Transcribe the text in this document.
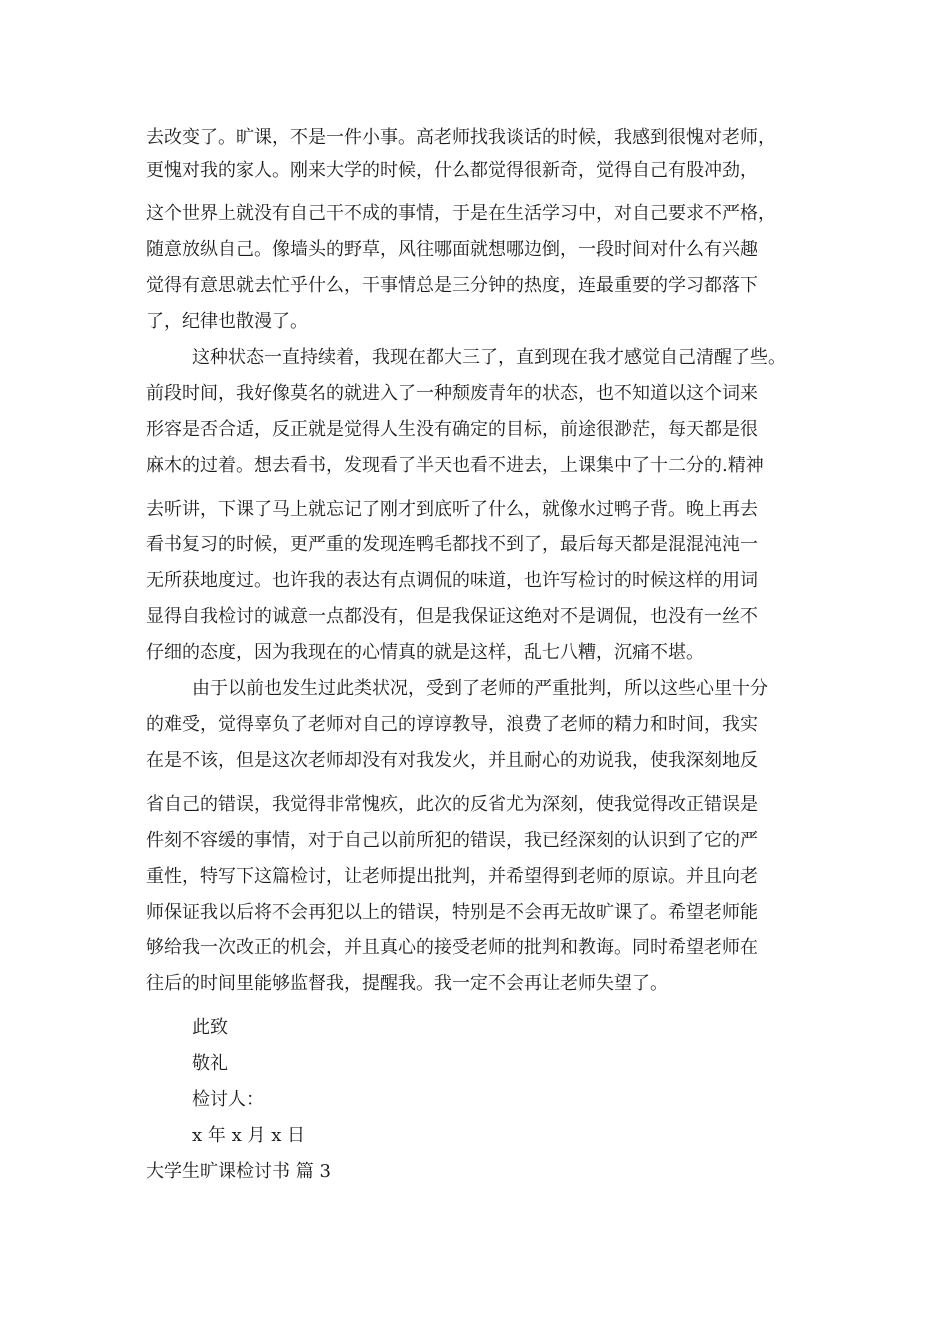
去改变了。旷课，不是一件小事。高老师找我谈话的时候，我感到很愧对老师，
更愧对我的家人。刚来大学的时候，什么都觉得很新奇，觉得自己有股冲劲，
这个世界上就没有自己干不成的事情，于是在生活学习中，对自己要求不严格，
随意放纵自己。像墙头的野草，风往哪面就想哪边倒，一段时间对什么有兴趣
觉得有意思就去忙乎什么，干事情总是三分钟的热度，连最重要的学习都落下
了，纪律也散漫了。
这种状态一直持续着，我现在都大三了，直到现在我才感觉自己清醒了些。
前段时间，我好像莫名的就进入了一种颓废青年的状态，也不知道以这个词来
形容是否合适，反正就是觉得人生没有确定的目标，前途很渺茫，每天都是很
麻木的过着。想去看书，发现看了半天也看不进去，上课集中了十二分的.精神
去听讲，下课了马上就忘记了刚才到底听了什么，就像水过鸭子背。晚上再去
看书复习的时候，更严重的发现连鸭毛都找不到了，最后每天都是混混沌沌一
无所获地度过。也许我的表达有点调侃的味道，也许写检讨的时候这样的用词
显得自我检讨的诚意一点都没有，但是我保证这绝对不是调侃，也没有一丝不
仔细的态度，因为我现在的心情真的就是这样，乱七八糟，沉痛不堪。
由于以前也发生过此类状况，受到了老师的严重批判，所以这些心里十分
的难受，觉得辜负了老师对自己的谆谆教导，浪费了老师的精力和时间，我实
在是不该，但是这次老师却没有对我发火，并且耐心的劝说我，使我深刻地反
省自己的错误，我觉得非常愧疚，此次的反省尤为深刻，使我觉得改正错误是
件刻不容缓的事情，对于自己以前所犯的错误，我已经深刻的认识到了它的严
重性，特写下这篇检讨，让老师提出批判，并希望得到老师的原谅。并且向老
师保证我以后将不会再犯以上的错误，特别是不会再无故旷课了。希望老师能
够给我一次改正的机会，并且真心的接受老师的批判和教诲。同时希望老师在
往后的时间里能够监督我，提醒我。我一定不会再让老师失望了。
此致
敬礼
检讨人：
x 年 x 月 x 日
大学生旷课检讨书 篇 3
